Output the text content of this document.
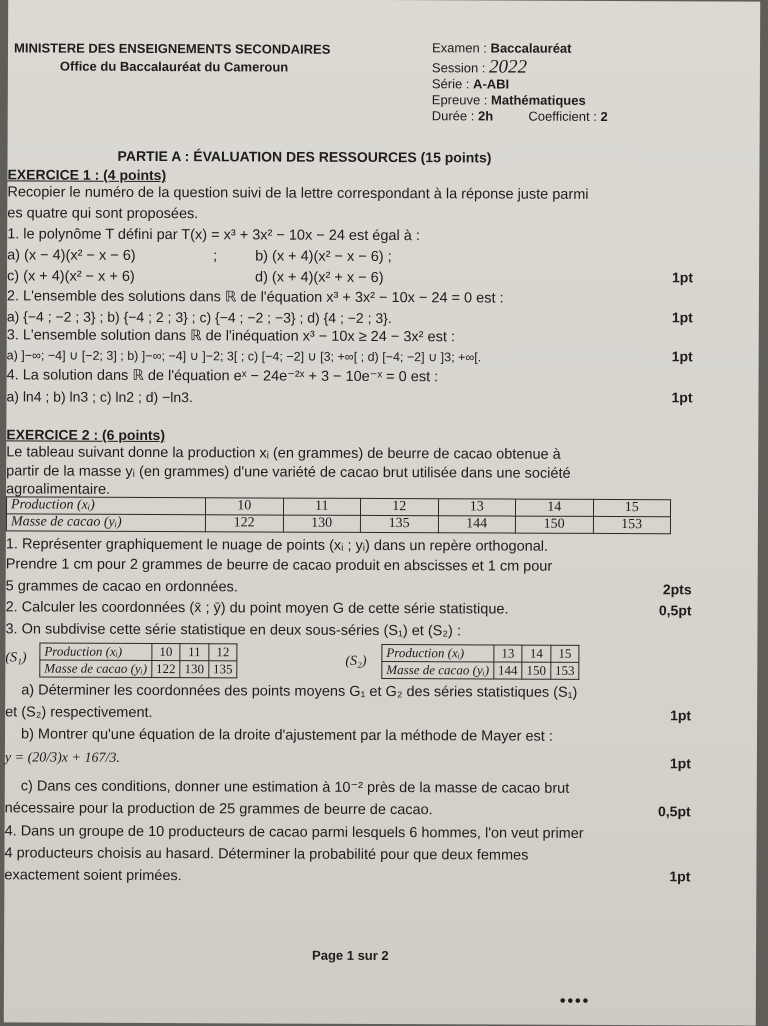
MINISTERE DES ENSEIGNEMENTS SECONDAIRES
Office du Baccalauréat du Cameroun
Examen : Baccalauréat
Session : 2022
Série : A-ABI
Epreuve : Mathématiques
Durée : 2h	Coefficient : 2
PARTIE A : ÉVALUATION DES RESSOURCES (15 points)
EXERCICE 1 : (4 points)
Recopier le numéro de la question suivi de la lettre correspondant à la réponse juste parmi
es quatre qui sont proposées.
1. le polynôme T défini par T(x) = x³ + 3x² − 10x − 24 est égal à :
a) (x − 4)(x² − x − 6)	;	b) (x + 4)(x² − x − 6) ;
c) (x + 4)(x² − x + 6)	d) (x + 4)(x² + x − 6)	1pt
2. L'ensemble des solutions dans ℝ de l'équation x³ + 3x² − 10x − 24 = 0 est :
a) {−4 ; −2 ; 3} ; b) {−4 ; 2 ; 3} ; c) {−4 ; −2 ; −3} ; d) {4 ; −2 ; 3}.	1pt
3. L'ensemble solution dans ℝ de l'inéquation x³ − 10x ≥ 24 − 3x² est :
a) ]−∞; −4] ∪ [−2; 3] ; b) ]−∞; −4] ∪ ]−2; 3[ ; c) [−4; −2] ∪ [3; +∞[ ; d) [−4; −2] ∪ ]3; +∞[.	1pt
4. La solution dans ℝ de l'équation eˣ − 24e⁻²ˣ + 3 − 10e⁻ˣ = 0 est :
a) ln4 ; b) ln3 ; c) ln2 ; d) −ln3.	1pt
EXERCICE 2 : (6 points)
Le tableau suivant donne la production xᵢ (en grammes) de beurre de cacao obtenue à
partir de la masse yᵢ (en grammes) d'une variété de cacao brut utilisée dans une société
agroalimentaire.
Production (xᵢ)	10	11	12	13	14	15
Masse de cacao (yᵢ)	122	130	135	144	150	153
1. Représenter graphiquement le nuage de points (xᵢ ; yᵢ) dans un repère orthogonal.
Prendre 1 cm pour 2 grammes de beurre de cacao produit en abscisses et 1 cm pour
5 grammes de cacao en ordonnées.	2pts
2. Calculer les coordonnées (x̄ ; ȳ) du point moyen G de cette série statistique.	0,5pt
3. On subdivise cette série statistique en deux sous-séries (S₁) et (S₂) :
(S₁) Production (xᵢ)	10	11	12
Masse de cacao (yᵢ)	122	130	135	(S₂)
Production (xᵢ)	13	14	15
Masse de cacao (yᵢ)	144	150	153
a) Déterminer les coordonnées des points moyens G₁ et G₂ des séries statistiques (S₁)
et (S₂) respectivement.	1pt
b) Montrer qu'une équation de la droite d'ajustement par la méthode de Mayer est :
y = (20/3)x + 167/3.	1pt
c) Dans ces conditions, donner une estimation à 10⁻² près de la masse de cacao brut
nécessaire pour la production de 25 grammes de beurre de cacao.	0,5pt
4. Dans un groupe de 10 producteurs de cacao parmi lesquels 6 hommes, l'on veut primer
4 producteurs choisis au hasard. Déterminer la probabilité pour que deux femmes
exactement soient primées.	1pt
Page 1 sur 2
••••
